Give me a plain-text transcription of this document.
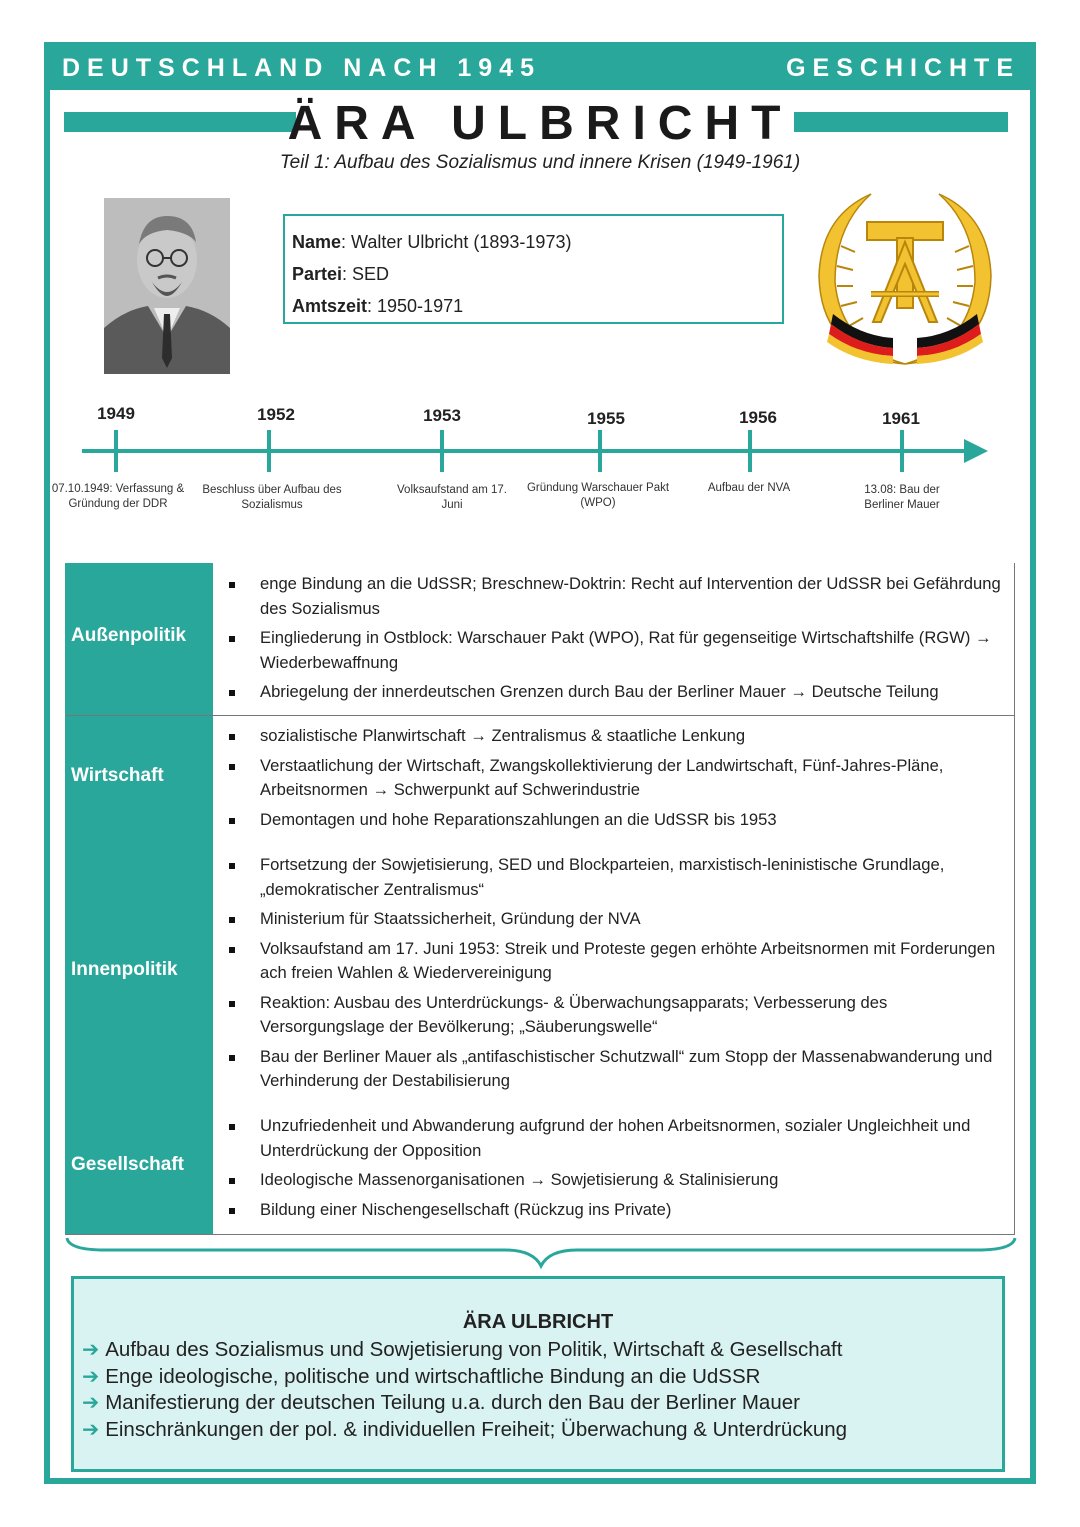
DEUTSCHLAND NACH 1945	GESCHICHTE
ÄRA ULBRICHT
Teil 1: Aufbau des Sozialismus und innere Krisen (1949-1961)
Name: Walter Ulbricht (1893-1973)
Partei: SED
Amtszeit: 1950-1971
1949	1952	1953	1955	1956	1961
07.10.1949: Verfassung & Gründung der DDR
Beschluss über Aufbau des Sozialismus
Volksaufstand am 17. Juni
Gründung Warschauer Pakt (WPO)
Aufbau der NVA	13.08: Bau der Berliner Mauer
Außenpolitik
enge Bindung an die UdSSR; Breschnew-Doktrin: Recht auf Intervention der UdSSR bei Gefährdung des Sozialismus
Eingliederung in Ostblock: Warschauer Pakt (WPO), Rat für gegenseitige Wirtschaftshilfe (RGW) → Wiederbewaffnung
Abriegelung der innerdeutschen Grenzen durch Bau der Berliner Mauer → Deutsche Teilung
Wirtschaft
sozialistische Planwirtschaft → Zentralismus & staatliche Lenkung
Verstaatlichung der Wirtschaft, Zwangskollektivierung der Landwirtschaft, Fünf-Jahres-Pläne, Arbeitsnormen → Schwerpunkt auf Schwerindustrie
Demontagen und hohe Reparationszahlungen an die UdSSR bis 1953
Innenpolitik
Fortsetzung der Sowjetisierung, SED und Blockparteien, marxistisch-leninistische Grundlage, „demokratischer Zentralismus“
Ministerium für Staatssicherheit, Gründung der NVA
Volksaufstand am 17. Juni 1953: Streik und Proteste gegen erhöhte Arbeitsnormen mit Forderungen ach freien Wahlen & Wiedervereinigung
Reaktion: Ausbau des Unterdrückungs- & Überwachungsapparats; Verbesserung des Versorgungslage der Bevölkerung; „Säuberungswelle“
Bau der Berliner Mauer als „antifaschistischer Schutzwall“ zum Stopp der Massenabwanderung und Verhinderung der Destabilisierung
Gesellschaft
Unzufriedenheit und Abwanderung aufgrund der hohen Arbeitsnormen, sozialer Ungleichheit und Unterdrückung der Opposition
Ideologische Massenorganisationen → Sowjetisierung & Stalinisierung
Bildung einer Nischengesellschaft (Rückzug ins Private)
ÄRA ULBRICHT
➔ Aufbau des Sozialismus und Sowjetisierung von Politik, Wirtschaft & Gesellschaft
➔ Enge ideologische, politische und wirtschaftliche Bindung an die UdSSR
➔ Manifestierung der deutschen Teilung u.a. durch den Bau der Berliner Mauer
➔ Einschränkungen der pol. & individuellen Freiheit; Überwachung & Unterdrückung
